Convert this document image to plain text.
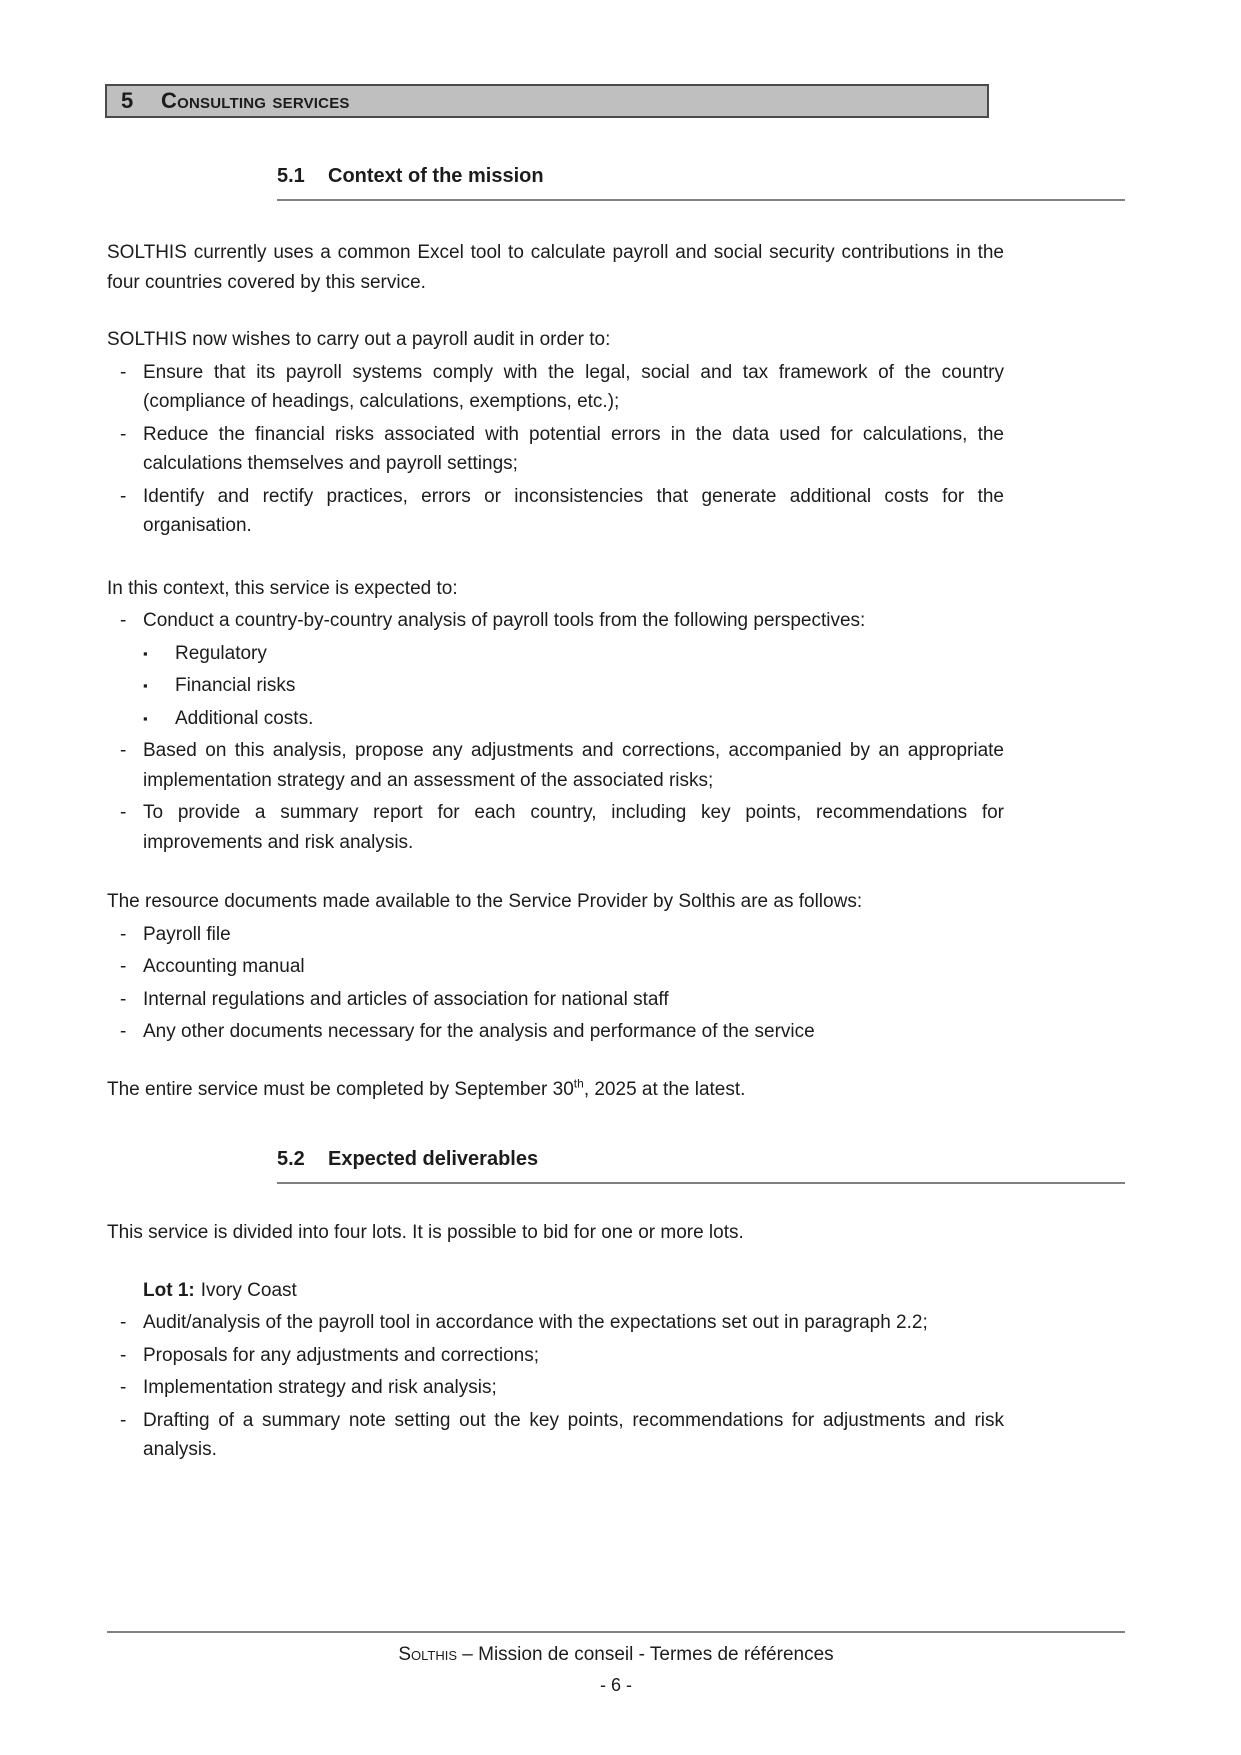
5	Consulting services
5.1	Context of the mission
SOLTHIS currently uses a common Excel tool to calculate payroll and social security contributions in the four countries covered by this service.
SOLTHIS now wishes to carry out a payroll audit in order to:
- Ensure that its payroll systems comply with the legal, social and tax framework of the country (compliance of headings, calculations, exemptions, etc.);
- Reduce the financial risks associated with potential errors in the data used for calculations, the calculations themselves and payroll settings;
- Identify and rectify practices, errors or inconsistencies that generate additional costs for the organisation.
In this context, this service is expected to:
- Conduct a country-by-country analysis of payroll tools from the following perspectives:
▪	Regulatory
▪	Financial risks
▪	Additional costs.
- Based on this analysis, propose any adjustments and corrections, accompanied by an appropriate implementation strategy and an assessment of the associated risks;
- To provide a summary report for each country, including key points, recommendations for improvements and risk analysis.
The resource documents made available to the Service Provider by Solthis are as follows:
- Payroll file
- Accounting manual
- Internal regulations and articles of association for national staff
- Any other documents necessary for the analysis and performance of the service
The entire service must be completed by September 30th, 2025 at the latest.
5.2	Expected deliverables
This service is divided into four lots. It is possible to bid for one or more lots.
Lot 1: Ivory Coast
- Audit/analysis of the payroll tool in accordance with the expectations set out in paragraph 2.2;
- Proposals for any adjustments and corrections;
- Implementation strategy and risk analysis;
- Drafting of a summary note setting out the key points, recommendations for adjustments and risk analysis.
Solthis – Mission de conseil - Termes de références
- 6 -
